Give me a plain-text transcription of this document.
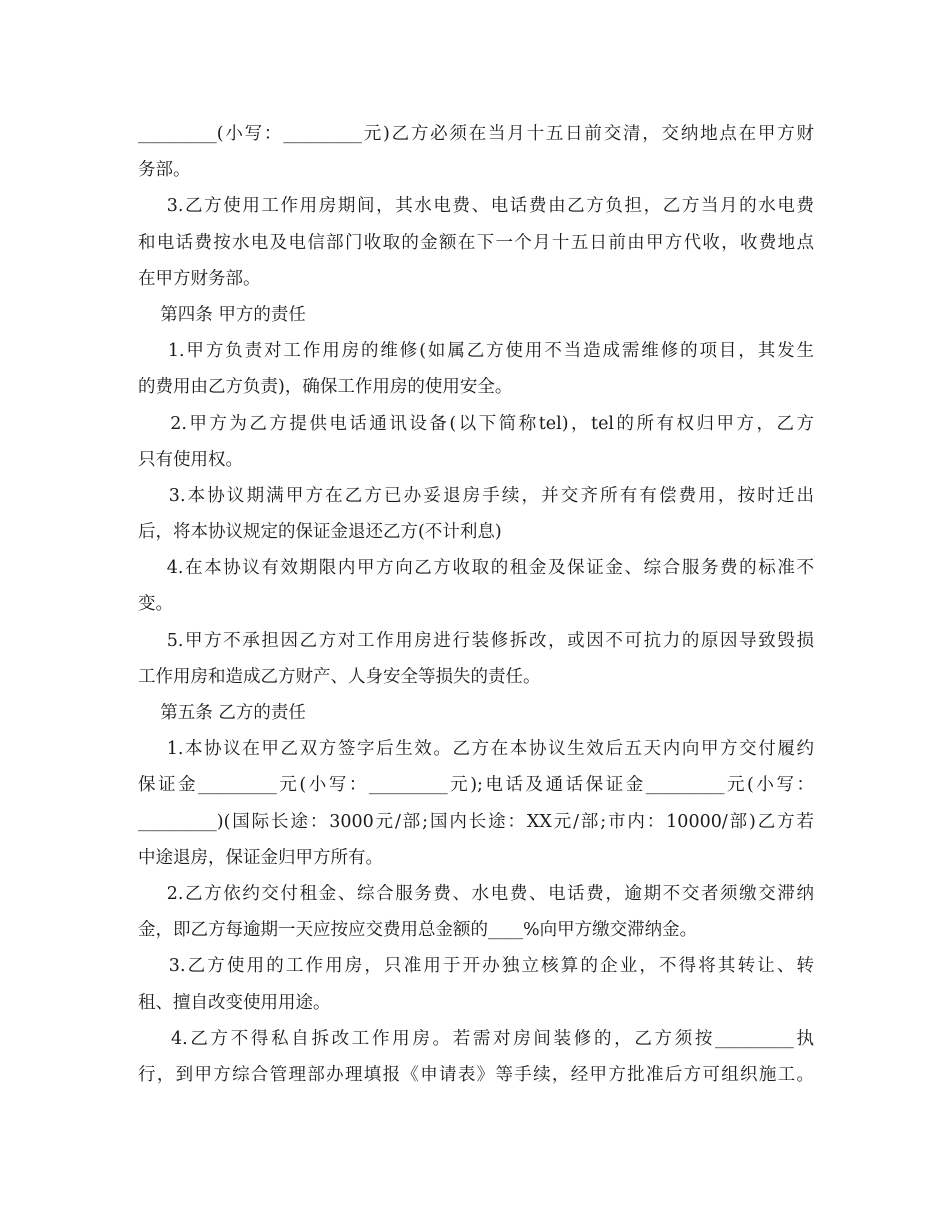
_________(小写：_________元)乙方必须在当月十五日前交清，交纳地点在甲方财
务部。
3.乙方使用工作用房期间，其水电费、电话费由乙方负担，乙方当月的水电费
和电话费按水电及电信部门收取的金额在下一个月十五日前由甲方代收，收费地点
在甲方财务部。
第四条 甲方的责任
1.甲方负责对工作用房的维修(如属乙方使用不当造成需维修的项目，其发生
的费用由乙方负责)，确保工作用房的使用安全。
2.甲方为乙方提供电话通讯设备(以下简称tel)，tel的所有权归甲方，乙方
只有使用权。
3.本协议期满甲方在乙方已办妥退房手续，并交齐所有有偿费用，按时迁出
后，将本协议规定的保证金退还乙方(不计利息)
4.在本协议有效期限内甲方向乙方收取的租金及保证金、综合服务费的标准不
变。
5.甲方不承担因乙方对工作用房进行装修拆改，或因不可抗力的原因导致毁损
工作用房和造成乙方财产、人身安全等损失的责任。
第五条 乙方的责任
1.本协议在甲乙双方签字后生效。乙方在本协议生效后五天内向甲方交付履约
保证金_________元(小写：_________元);电话及通话保证金_________元(小写：
_________)(国际长途：3000元/部;国内长途：XX元/部;市内：10000/部)乙方若
中途退房，保证金归甲方所有。
2.乙方依约交付租金、综合服务费、水电费、电话费，逾期不交者须缴交滞纳
金，即乙方每逾期一天应按应交费用总金额的____%向甲方缴交滞纳金。
3.乙方使用的工作用房，只准用于开办独立核算的企业，不得将其转让、转
租、擅自改变使用用途。
4.乙方不得私自拆改工作用房。若需对房间装修的，乙方须按_________执
行，到甲方综合管理部办理填报《申请表》等手续，经甲方批准后方可组织施工。
